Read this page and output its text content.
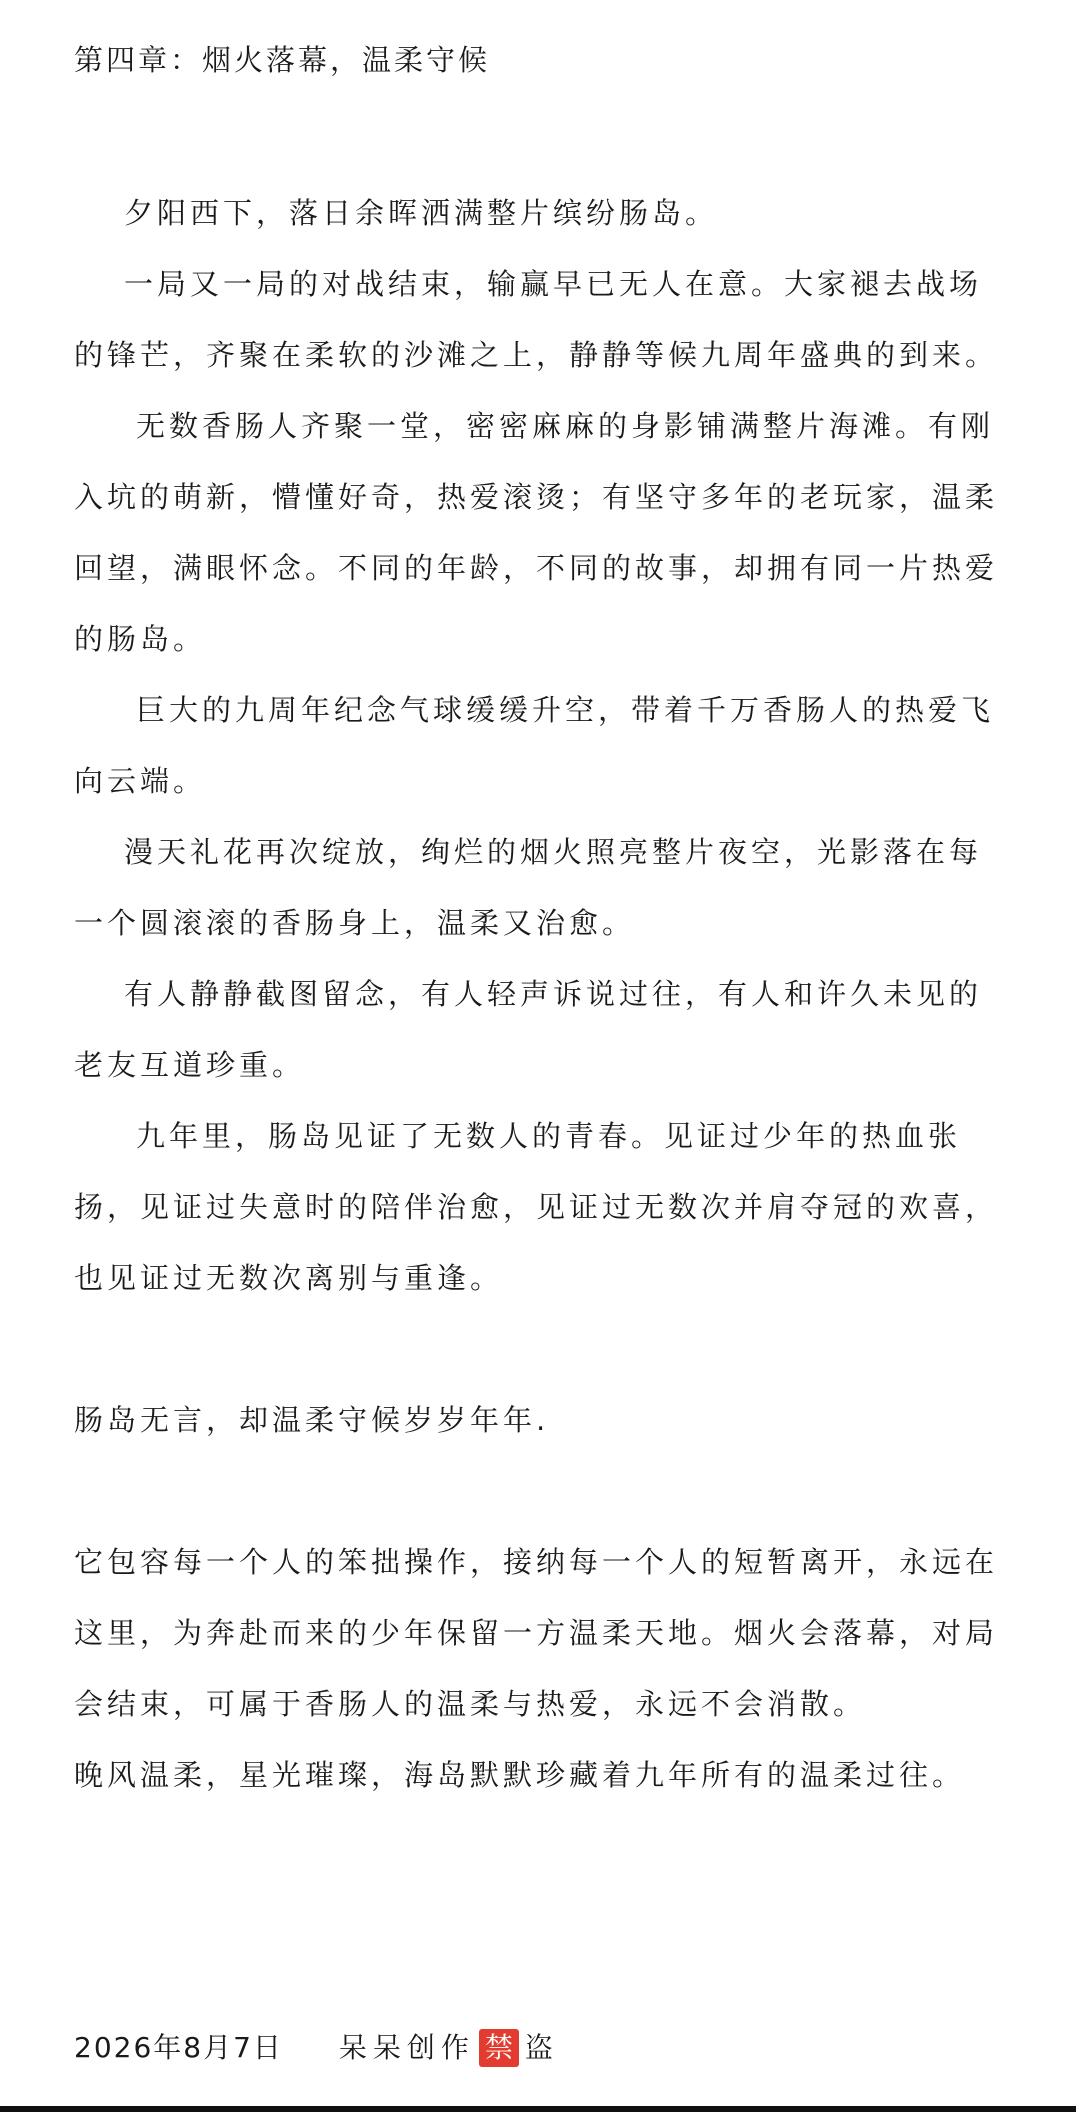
第四章：烟火落幕，温柔守候

夕阳西下，落日余晖洒满整片缤纷肠岛。

一局又一局的对战结束，输赢早已无人在意。大家褪去战场的锋芒，齐聚在柔软的沙滩之上，静静等候九周年盛典的到来。

无数香肠人齐聚一堂，密密麻麻的身影铺满整片海滩。有刚入坑的萌新，懵懂好奇，热爱滚烫；有坚守多年的老玩家，温柔回望，满眼怀念。不同的年龄，不同的故事，却拥有同一片热爱的肠岛。

巨大的九周年纪念气球缓缓升空，带着千万香肠人的热爱飞向云端。

漫天礼花再次绽放，绚烂的烟火照亮整片夜空，光影落在每一个圆滚滚的香肠身上，温柔又治愈。

有人静静截图留念，有人轻声诉说过往，有人和许久未见的老友互道珍重。

九年里，肠岛见证了无数人的青春。见证过少年的热血张扬，见证过失意时的陪伴治愈，见证过无数次并肩夺冠的欢喜，也见证过无数次离别与重逢。

肠岛无言，却温柔守候岁岁年年.

它包容每一个人的笨拙操作，接纳每一个人的短暂离开，永远在这里，为奔赴而来的少年保留一方温柔天地。烟火会落幕，对局会结束，可属于香肠人的温柔与热爱，永远不会消散。

晚风温柔，星光璀璨，海岛默默珍藏着九年所有的温柔过往。

2026年8月7日 呆呆创作 禁 盗
